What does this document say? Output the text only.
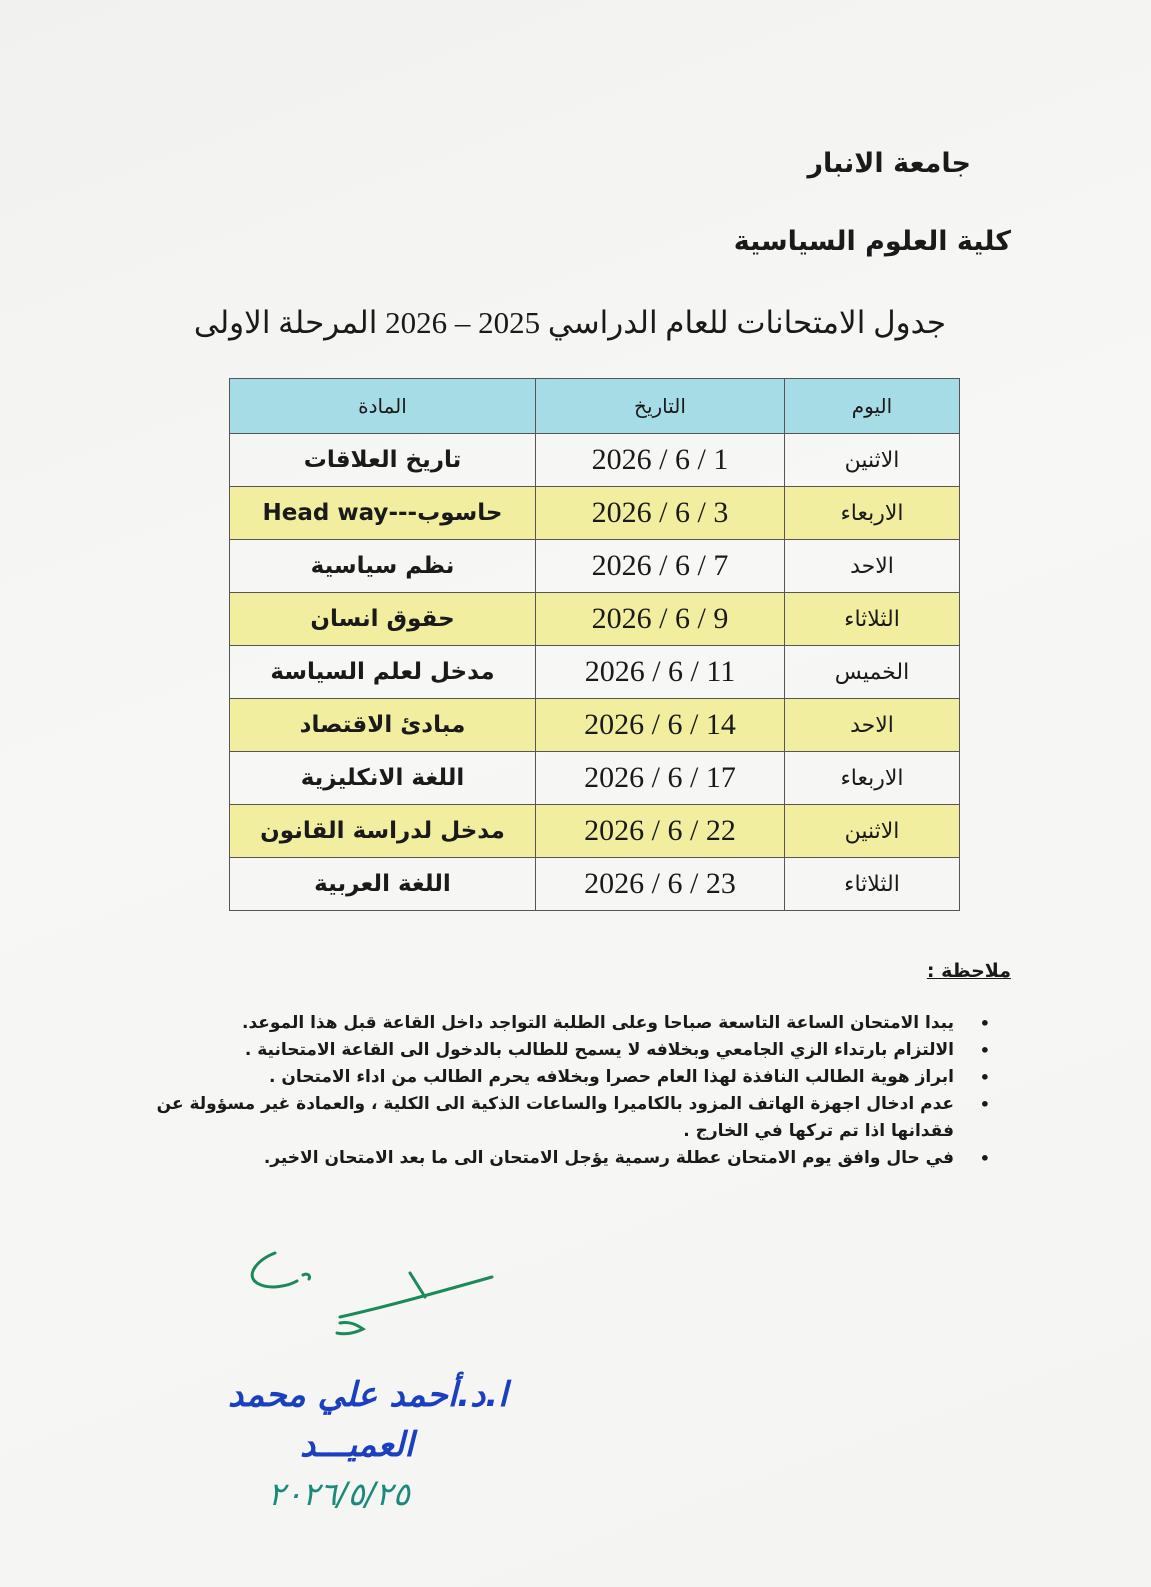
جامعة الانبار
كلية العلوم السياسية
جدول الامتحانات للعام الدراسي 2025 – 2026 المرحلة الاولى
اليوم	التاريخ	المادة
الاثنين	2026 / 6 / 1	تاريخ العلاقات
الاربعاء	2026 / 6 / 3	حاسوب---Head way
الاحد	2026 / 6 / 7	نظم سياسية
الثلاثاء	2026 / 6 / 9	حقوق انسان
الخميس	2026 / 6 / 11	مدخل لعلم السياسة
الاحد	2026 / 6 / 14	مبادئ الاقتصاد
الاربعاء	2026 / 6 / 17	اللغة الانكليزية
الاثنين	2026 / 6 / 22	مدخل لدراسة القانون
الثلاثاء	2026 / 6 / 23	اللغة العربية
ملاحظة :
• يبدا الامتحان الساعة التاسعة صباحا وعلى الطلبة التواجد داخل القاعة قبل هذا الموعد.
• الالتزام بارتداء الزي الجامعي وبخلافه لا يسمح للطالب بالدخول الى القاعة الامتحانية .
• ابراز هوية الطالب النافذة لهذا العام حصرا وبخلافه يحرم الطالب من اداء الامتحان .
• عدم ادخال اجهزة الهاتف المزود بالكاميرا والساعات الذكية الى الكلية ، والعمادة غير مسؤولة عن فقدانها اذا تم تركها في الخارج .
• في حال وافق يوم الامتحان عطلة رسمية يؤجل الامتحان الى ما بعد الامتحان الاخير.
ا.د.أحمد علي محمد
العميـــد
٢٠٢٦/٥/٢٥
